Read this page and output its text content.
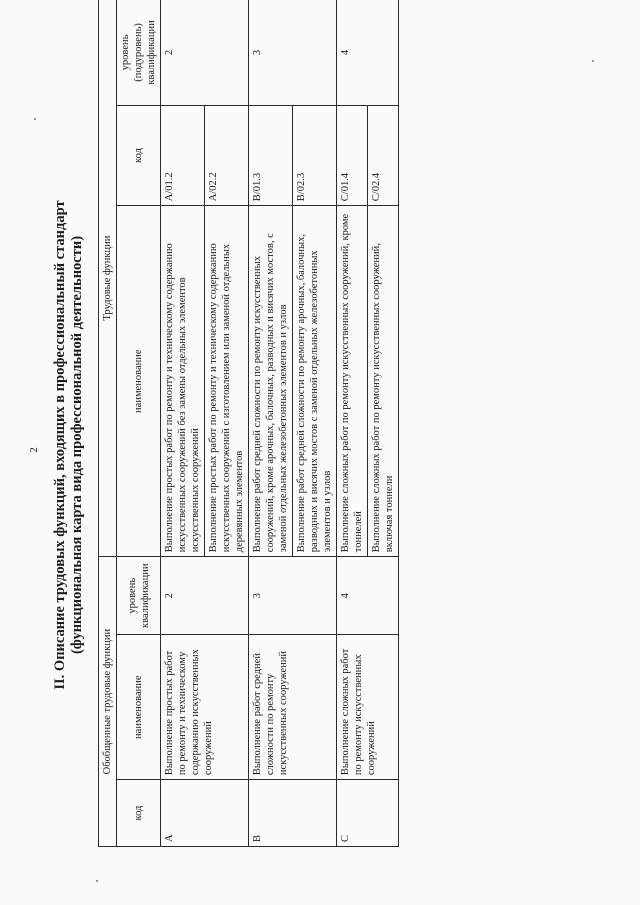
2 II. Описание трудовых функций, входящих в профессиональный стандарт (функциональная карта вида профессиональной деятельности)
Обобщенные трудовые функции			Трудовые функции		
код	наименование	уровень квалификации	наименование	код	уровень (подуровень) квалификации
A	Выполнение простых работ по ремонту и техническому содержанию искусственных сооружений	2	Выполнение простых работ по ремонту и техническому содержанию искусственных сооружений без замены отдельных элементов искусственных сооружений	A/01.2	2
			Выполнение простых работ по ремонту и техническому содержанию искусственных сооружений с изготовлением или заменой отдельных деревянных элементов	A/02.2	
B	Выполнение работ средней сложности по ремонту искусственных сооружений	3	Выполнение работ средней сложности по ремонту искусственных сооружений, кроме арочных, балочных, разводных и висячих мостов, с заменой отдельных железобетонных элементов и узлов	B/01.3	3
			Выполнение работ средней сложности по ремонту арочных, балочных, разводных и висячих мостов с заменой отдельных железобетонных элементов и узлов	B/02.3	
C	Выполнение сложных работ по ремонту искусственных сооружений	4	Выполнение сложных работ по ремонту искусственных сооружений, кроме тоннелей	C/01.4	4
			Выполнение сложных работ по ремонту искусственных сооружений, включая тоннели	C/02.4	
